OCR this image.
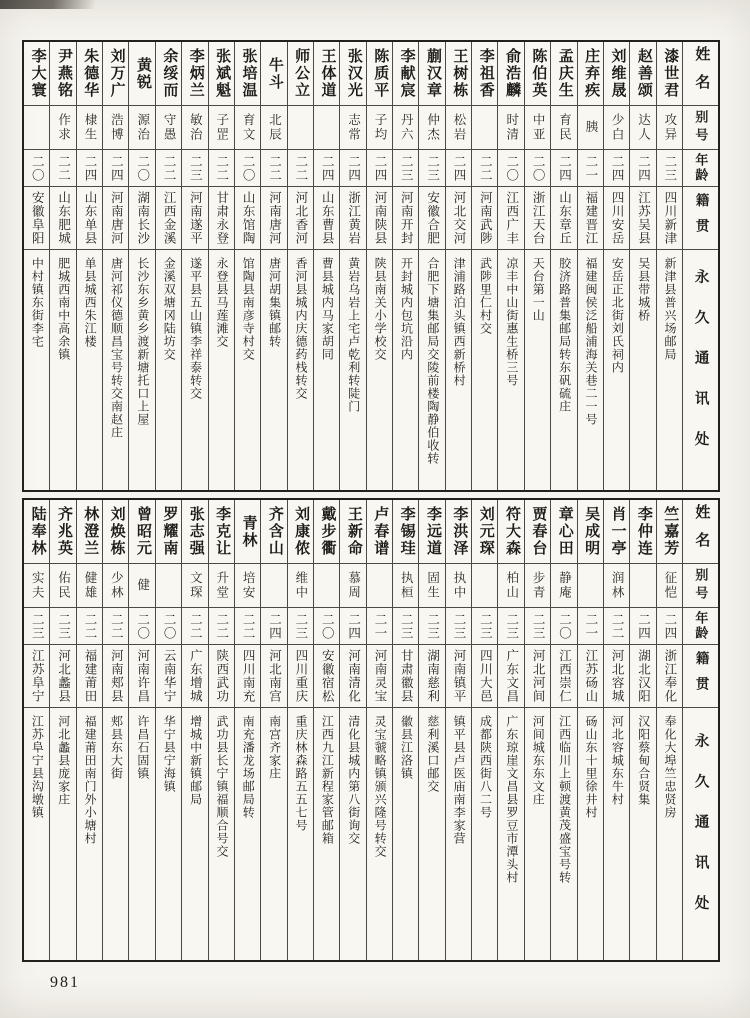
姓名
别号
年龄
籍贯
永久通讯处
漆世君
攻异
二三
四川新津
新津县普兴场邮局
赵善颂
达人
二四
江苏吴县
吴县带城桥
刘维晟
少白
二四
四川安岳
安岳正北街刘氏祠内
庄弃疾
胰
二一
福建晋江
福建闽侯泛船浦海关巷二一号
孟庆生
育民
二四
山东章丘
胶济路普集邮局转东矾硫庄
陈伯英
中亚
二〇
浙江天台
天台第一山
俞浩麟
时清
二〇
江西广丰
凉丰中山街惠生桥三号
李祖香
二二
河南武陟
武陟里仁村交
王树栋
松岩
二四
河北交河
津浦路泊头镇西新桥村
蒯汉章
仲杰
二三
安徽合肥
合肥下塘集邮局交陵前楼陶静伯收转
李献宸
丹六
二三
河南开封
开封城内包坑沿内
陈质平
子均
二四
河南陕县
陕县南关小学校交
张汉光
志常
二四
浙江黄岩
黄岩乌岩上宅卢乾利转陡门
王体道
二四
山东曹县
曹县城内马家胡同
师公立
二二
河北香河
香河县城内庆德药栈转交
牛斗
北辰
二二
河南唐河
唐河胡集镇邮转
张培温
育文
二〇
山东馆陶
馆陶县南彦寺村交
张斌魁
子罡
二二
甘肃永登
永登县马莲滩交
李炳兰
敏治
二三
河南遂平
遂平县五山镇李祥泰转交
余绥而
守愚
二二
江西金溪
金溪双塘冈陆坊交
黄锐
源治
二〇
湖南长沙
长沙东乡黄乡渡新塘托口上屋
刘万广
浩博
二四
河南唐河
唐河祁仪德顺昌宝号转交南赵庄
朱德华
棣生
二四
山东单县
单县城西朱江楼
尹燕铭
作求
二二
山东肥城
肥城西南中高余镇
李大寰
二〇
安徽阜阳
中村镇东街李宅
姓名
别号
年龄
籍贯
永久通讯处
竺嘉芳
征恺
二四
浙江奉化
奉化大埠竺忠贤房
李仲连
二四
湖北汉阳
汉阳蔡甸合贤集
肖一亭
润林
二二
河北容城
河北容城东牛村
吴成明
二一
江苏砀山
砀山东十里徐井村
章心田
静庵
二〇
江西崇仁
江西临川上顿渡黄茂盛宝号转
贾春台
步青
二三
河北河间
河间城东东文庄
符大森
柏山
二三
广东文昌
广东琼崖文昌县罗豆市潭头村
刘元琛
二三
四川大邑
成都陕西街八二号
李洪泽
执中
二三
河南镇平
镇平县卢医庙南李家营
李远道
固生
二三
湖南慈利
慈利溪口邮交
李锡珪
执桓
二三
甘肃徽县
徽县江洛镇
卢春谱
二一
河南灵宝
灵宝虢略镇颁兴隆号转交
王新命
慕周
二四
河南清化
清化县城内第八街询交
戴步衢
二〇
安徽宿松
江西九江新程家管邮箱
刘康侬
维中
二三
四川重庆
重庆林森路五五七号
齐含山
二四
河北南宫
南宫齐家庄
青林
培安
二二
四川南充
南充潘龙场邮局转
李克让
升堂
二二
陕西武功
武功县长宁镇福顺合号交
张志强
文琛
二二
广东增城
增城中新镇邮局
罗耀南
二〇
云南华宁
华宁县宁海镇
曾昭元
健
二〇
河南许昌
许昌石固镇
刘焕栋
少林
二二
河南郏县
郏县东大街
林澄兰
健雄
二二
福建莆田
福建莆田南门外小塘村
齐兆英
佑民
二三
河北蠡县
河北蠡县庞家庄
陆奉林
实夫
二三
江苏阜宁
江苏阜宁县沟墩镇
981
